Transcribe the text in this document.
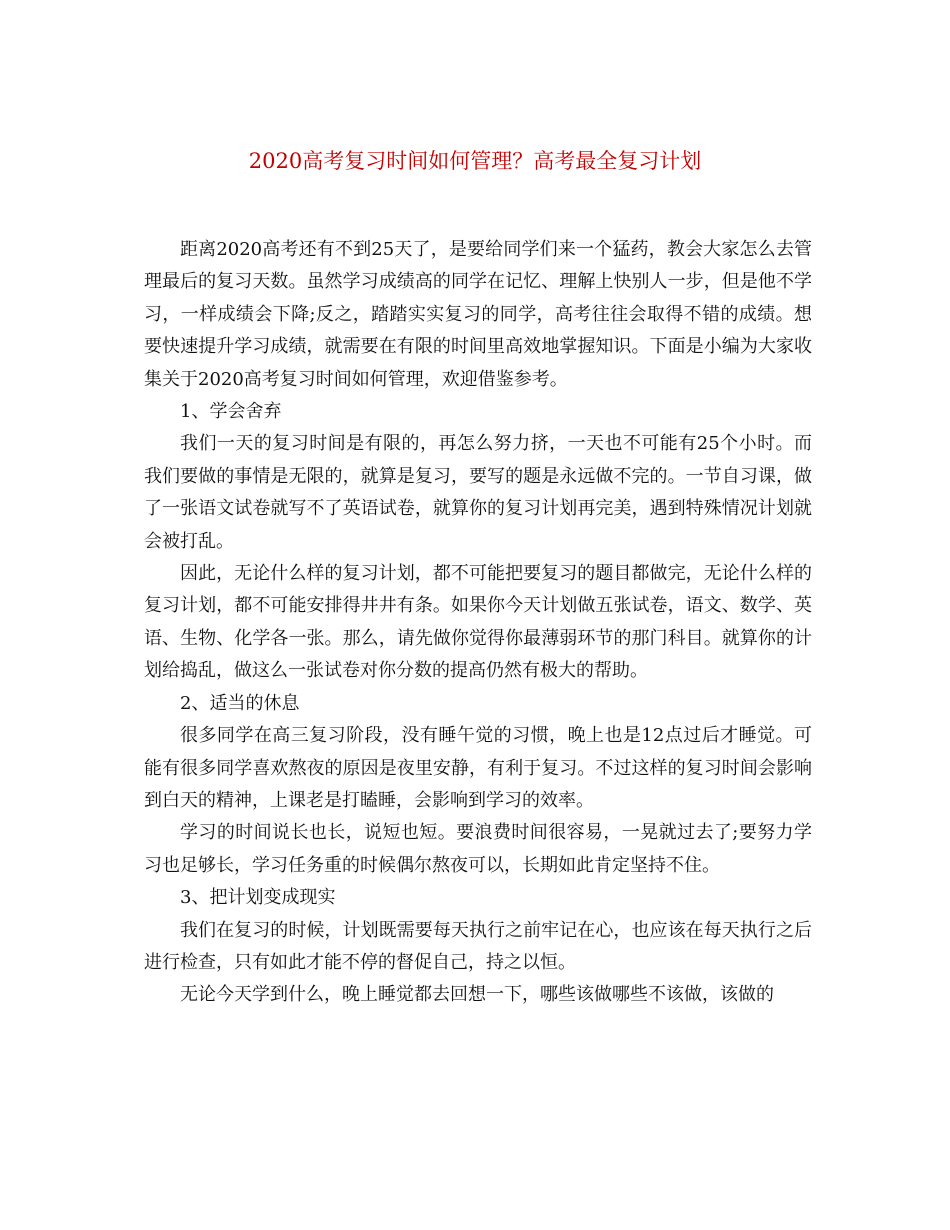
2020高考复习时间如何管理？高考最全复习计划

距离2020高考还有不到25天了，是要给同学们来一个猛药，教会大家怎么去管理最后的复习天数。虽然学习成绩高的同学在记忆、理解上快别人一步，但是他不学习，一样成绩会下降;反之，踏踏实实复习的同学，高考往往会取得不错的成绩。想要快速提升学习成绩，就需要在有限的时间里高效地掌握知识。下面是小编为大家收集关于2020高考复习时间如何管理，欢迎借鉴参考。

1、学会舍弃

我们一天的复习时间是有限的，再怎么努力挤，一天也不可能有25个小时。而我们要做的事情是无限的，就算是复习，要写的题是永远做不完的。一节自习课，做了一张语文试卷就写不了英语试卷，就算你的复习计划再完美，遇到特殊情况计划就会被打乱。

因此，无论什么样的复习计划，都不可能把要复习的题目都做完，无论什么样的复习计划，都不可能安排得井井有条。如果你今天计划做五张试卷，语文、数学、英语、生物、化学各一张。那么，请先做你觉得你最薄弱环节的那门科目。就算你的计划给捣乱，做这么一张试卷对你分数的提高仍然有极大的帮助。

2、适当的休息

很多同学在高三复习阶段，没有睡午觉的习惯，晚上也是12点过后才睡觉。可能有很多同学喜欢熬夜的原因是夜里安静，有利于复习。不过这样的复习时间会影响到白天的精神，上课老是打瞌睡，会影响到学习的效率。

学习的时间说长也长，说短也短。要浪费时间很容易，一晃就过去了;要努力学习也足够长，学习任务重的时候偶尔熬夜可以，长期如此肯定坚持不住。

3、把计划变成现实

我们在复习的时候，计划既需要每天执行之前牢记在心，也应该在每天执行之后进行检查，只有如此才能不停的督促自己，持之以恒。

无论今天学到什么，晚上睡觉都去回想一下，哪些该做哪些不该做，该做的
